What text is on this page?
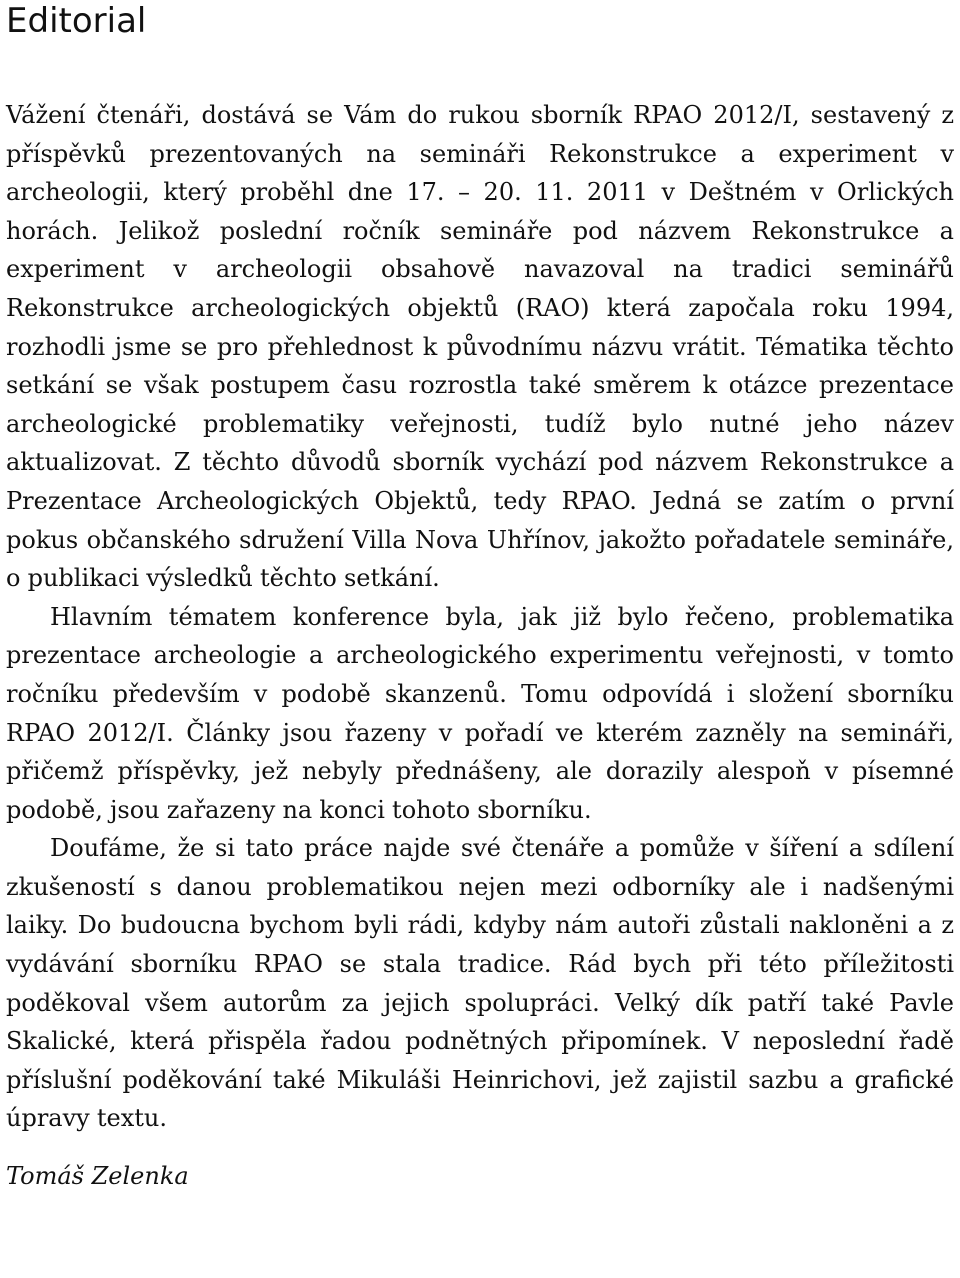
Editorial

Vážení čtenáři, dostává se Vám do rukou sborník RPAO 2012/I, sestavený z příspěvků prezentovaných na semináři Rekonstrukce a experiment v archeologii, který proběhl dne 17. – 20. 11. 2011 v Deštném v Orlických horách. Jelikož poslední ročník semináře pod názvem Rekonstrukce a experiment v archeologii obsahově navazoval na tradici seminářů Rekonstrukce archeologických objektů (RAO) která započala roku 1994, rozhodli jsme se pro přehlednost k původnímu názvu vrátit. Tématika těchto setkání se však postupem času rozrostla také směrem k otázce prezentace archeologické problematiky veřejnosti, tudíž bylo nutné jeho název aktualizovat. Z těchto důvodů sborník vychází pod názvem Rekonstrukce a Prezentace Archeologických Objektů, tedy RPAO. Jedná se zatím o první pokus občanského sdružení Villa Nova Uhřínov, jakožto pořadatele semináře, o publikaci výsledků těchto setkání.

Hlavním tématem konference byla, jak již bylo řečeno, problematika prezentace archeologie a archeologického experimentu veřejnosti, v tomto ročníku především v podobě skanzenů. Tomu odpovídá i složení sborníku RPAO 2012/I. Články jsou řazeny v pořadí ve kterém zazněly na semináři, přičemž příspěvky, jež nebyly přednášeny, ale dorazily alespoň v písemné podobě, jsou zařazeny na konci tohoto sborníku.

Doufáme, že si tato práce najde své čtenáře a pomůže v šíření a sdílení zkušeností s danou problematikou nejen mezi odborníky ale i nadšenými laiky. Do budoucna bychom byli rádi, kdyby nám autoři zůstali nakloněni a z vydávání sborníku RPAO se stala tradice. Rád bych při této příležitosti poděkoval všem autorům za jejich spolupráci. Velký dík patří také Pavle Skalické, která přispěla řadou podnětných připomínek. V neposlední řadě příslušní poděkování také Mikuláši Heinrichovi, jež zajistil sazbu a grafické úpravy textu.

Tomáš Zelenka
